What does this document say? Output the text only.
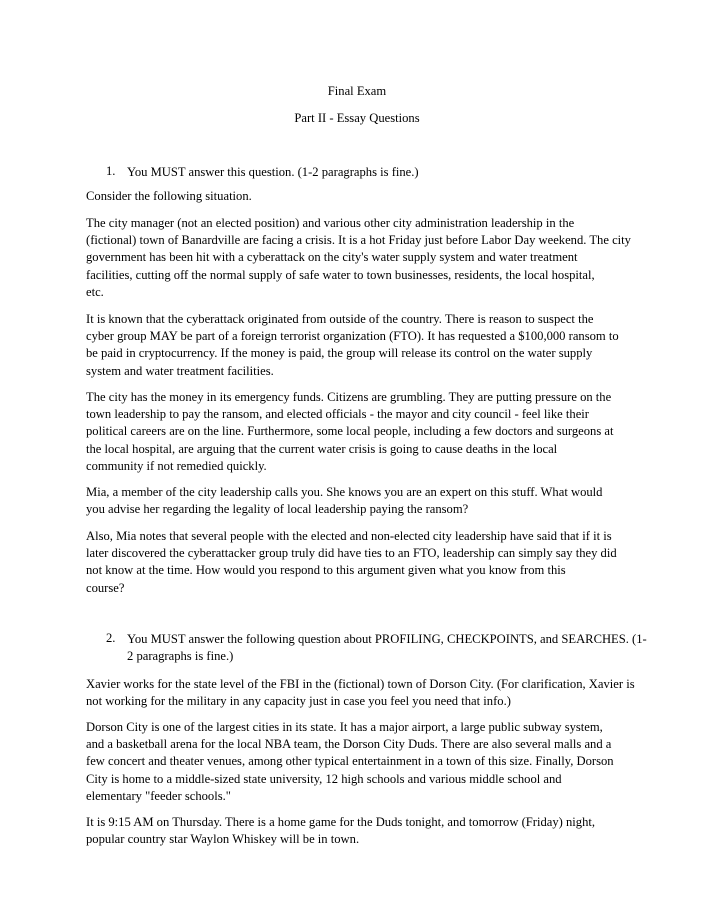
Final Exam
Part II - Essay Questions
1. You MUST answer this question. (1-2 paragraphs is fine.)
Consider the following situation.
The city manager (not an elected position) and various other city administration leadership in the
(fictional) town of Banardville are facing a crisis. It is a hot Friday just before Labor Day weekend. The city
government has been hit with a cyberattack on the city's water supply system and water treatment
facilities, cutting off the normal supply of safe water to town businesses, residents, the local hospital,
etc.
It is known that the cyberattack originated from outside of the country. There is reason to suspect the
cyber group MAY be part of a foreign terrorist organization (FTO). It has requested a $100,000 ransom to
be paid in cryptocurrency. If the money is paid, the group will release its control on the water supply
system and water treatment facilities.
The city has the money in its emergency funds. Citizens are grumbling. They are putting pressure on the
town leadership to pay the ransom, and elected officials - the mayor and city council - feel like their
political careers are on the line. Furthermore, some local people, including a few doctors and surgeons at
the local hospital, are arguing that the current water crisis is going to cause deaths in the local
community if not remedied quickly.
Mia, a member of the city leadership calls you. She knows you are an expert on this stuff. What would
you advise her regarding the legality of local leadership paying the ransom?
Also, Mia notes that several people with the elected and non-elected city leadership have said that if it is
later discovered the cyberattacker group truly did have ties to an FTO, leadership can simply say they did
not know at the time. How would you respond to this argument given what you know from this
course?
2. You MUST answer the following question about PROFILING, CHECKPOINTS, and SEARCHES. (1-
2 paragraphs is fine.)
Xavier works for the state level of the FBI in the (fictional) town of Dorson City. (For clarification, Xavier is
not working for the military in any capacity just in case you feel you need that info.)
Dorson City is one of the largest cities in its state. It has a major airport, a large public subway system,
and a basketball arena for the local NBA team, the Dorson City Duds. There are also several malls and a
few concert and theater venues, among other typical entertainment in a town of this size. Finally, Dorson
City is home to a middle-sized state university, 12 high schools and various middle school and
elementary "feeder schools."
It is 9:15 AM on Thursday. There is a home game for the Duds tonight, and tomorrow (Friday) night,
popular country star Waylon Whiskey will be in town.
